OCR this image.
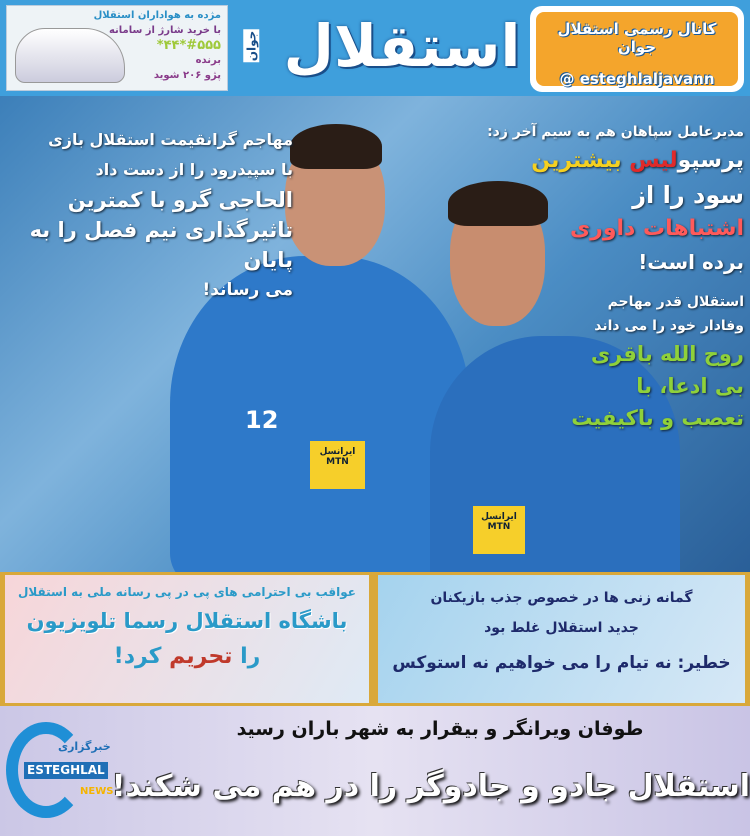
مژده به هواداران استقلال
با خرید شارژ از سامانه
#۵۵۵*۴۴*
برنده
پژو ۲۰۶ شوید	استقلال
جوان
کانال رسمی استقلال جوان
@ esteghlaljavann
12
ایرانسل
MTN
ایرانسل
MTN
مهاجم گرانقیمت استقلال بازی
با سپیدرود را از دست داد
الحاجی گرو با کمترین
تاثیرگذاری نیم فصل را به پایان
می رساند!
مدیرعامل سپاهان هم به سیم آخر زد:
پرسپولیس بیشترین
سود را از
اشتباهات داوری
برده است!
استقلال قدر مهاجم
وفادار خود را می داند
روح الله باقری
بی ادعا، با
تعصب و باکیفیت
عواقب بی احترامی های پی در پی رسانه ملی به استقلال
باشگاه استقلال رسما تلویزیون
را تحریم کرد!
گمانه زنی ها در خصوص جذب بازیکنان
جدید استقلال غلط بود
خطیر: نه تیام را می خواهیم نه استوکس
طوفان ویرانگر و بیقرار به شهر باران رسید
استقلال جادو و جادوگر را در هم می شکند!
خبرگزاری
ESTEGHLAL
NEWS
